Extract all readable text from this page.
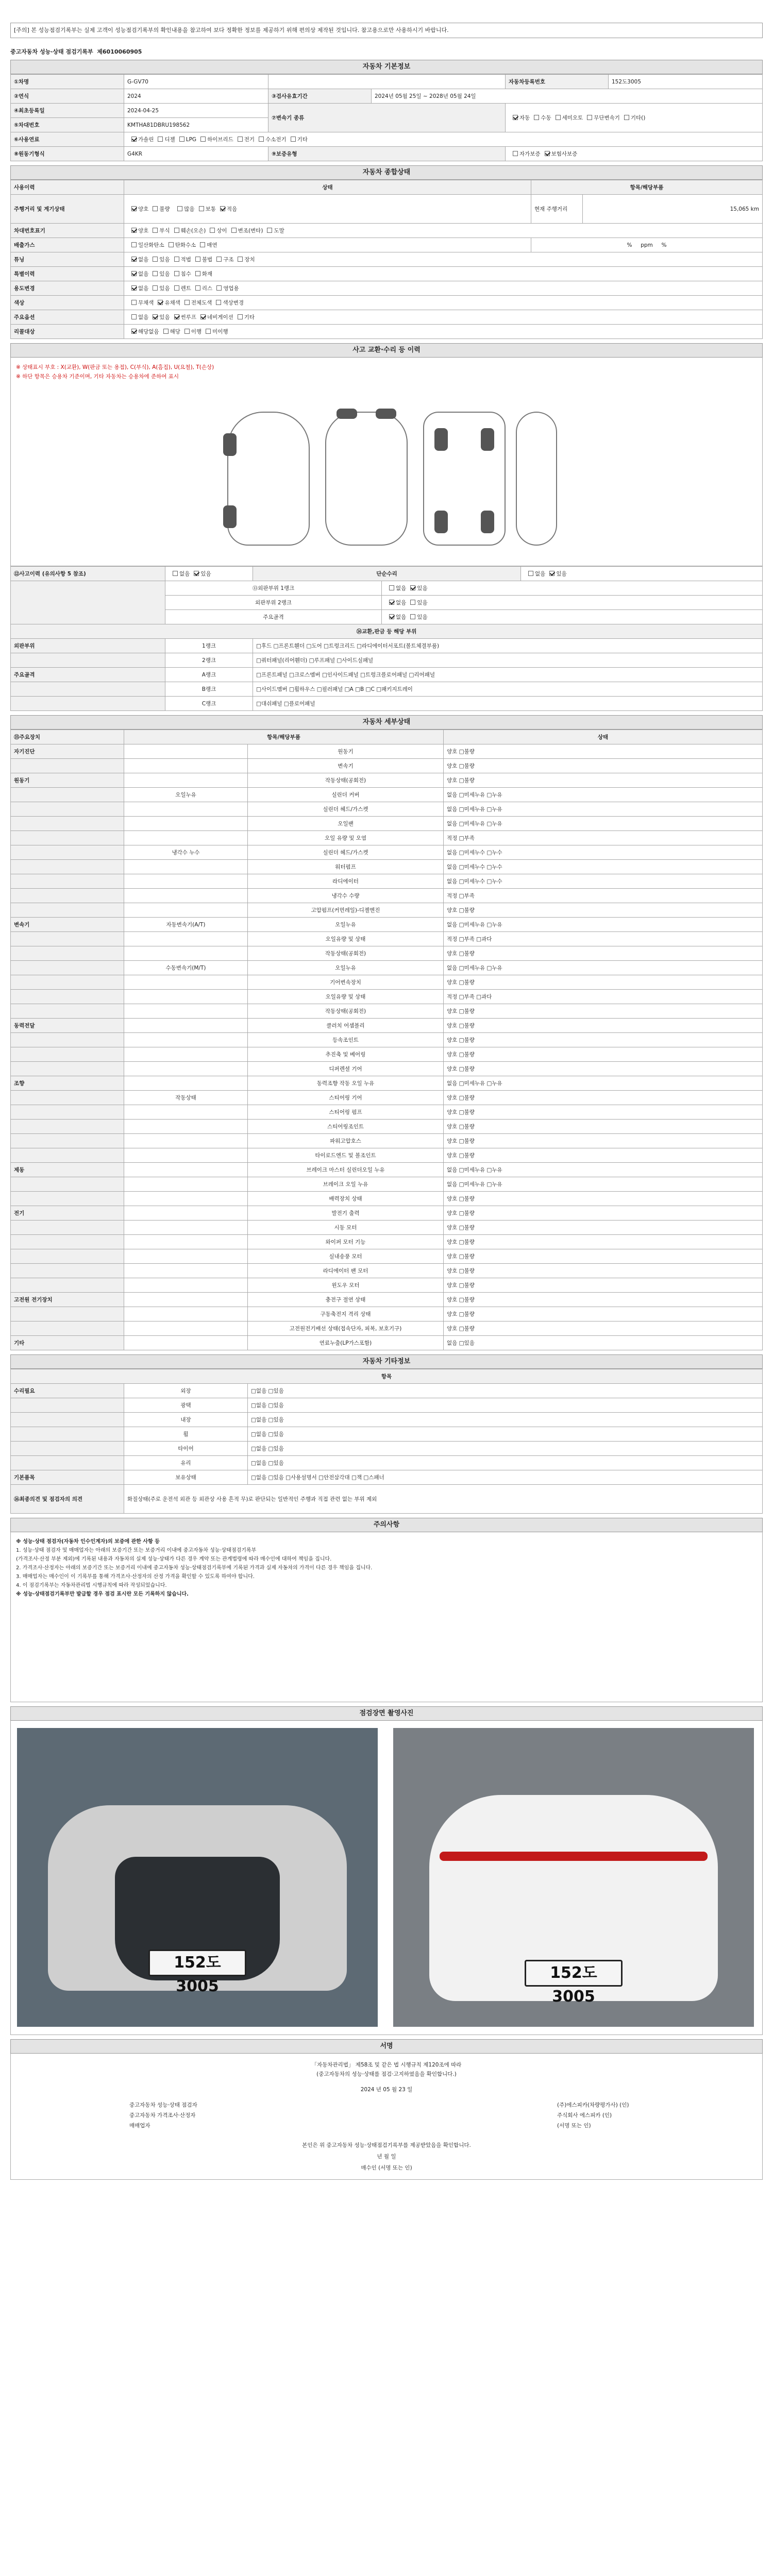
[주의] 본 성능점검기록부는 실제 고객이 성능점검기록부의 확인내용을 참고하여 보다 정확한 정보를 제공하기 위해 편의상 제작된 것입니다. 참고용으로만 사용하시기 바랍니다.
중고자동차 성능·상태 점검기록부 제6010060905
자동차 기본정보
①차명	G-GV70			자동차등록번호	152도3005
②연식	2024	③검사유효기간	2024년 05월 25일 ~ 2028년 05월 24일		
④최초등록일	2024-04-25	⑦변속기 종류		자동 수동 세미오토 무단변속기 기타()	
⑤차대번호	KMTHA81DBRU198562				
⑥사용연료	가솔린 디젤 LPG 하이브리드 전기 수소전기 기타				
⑧원동기형식	G4KR	⑨보증유형		자가보증 보험사보증	
자동차 종합상태
사용이력	상태	항목/해당부품	
주행거리 및 계기상태	양호 불량 많음 보통 적음	현재 주행거리	15,065 km
차대번호표기	양호 부식 훼손(오손) 상이 변조(변타) 도말		
배출가스	일산화탄소 탄화수소 매연	% ppm %	
튜닝	없음 있음 적법 불법 구조 장치		
특별이력	없음 있음 침수 화재		
용도변경	없음 있음 렌트 리스 영업용		
색상	무채색 유채색 전체도색 색상변경		
주요옵션	없음 있음 썬루프 네비게이션 기타		
리콜대상	해당없음 해당 이행 미이행		
사고 교환·수리 등 이력
※ 상태표시 부호 : X(교환), W(판금 또는 용접), C(부식), A(흠집), U(요철), T(손상)
※ 하단 항목은 승용차 기준이며, 기타 자동차는 승용차에 준하여 표시
⑫사고이력 (유의사항 5 참조)	없음 있음	단순수리		없음 있음
	⑬외판부위 1랭크		없음 있음	
	외판부위 2랭크		없음 있음	
	주요골격		없음 있음	
⑭교환,판금 등 해당 부위				
외판부위	1랭크	□후드 □프론트휀더 □도어 □트렁크리드 □라디에이터서포트(볼트체결부품)		
	2랭크	□쿼터패널(리어휀더) □루프패널 □사이드실패널		
주요골격	A랭크	□프론트패널 □크로스멤버 □인사이드패널 □트렁크플로어패널 □리어패널		
	B랭크	□사이드멤버 □휠하우스 □필러패널 □A □B □C □패키지트레이		
	C랭크	□대쉬패널 □플로어패널		
자동차 세부상태
⑮주요장치	항목/해당부품		상태
자기진단		원동기	양호 □불량
		변속기	양호 □불량
원동기		작동상태(공회전)	양호 □불량
	오일누유	실린더 커버	없음 □미세누유 □누유
		실린더 헤드/가스켓	없음 □미세누유 □누유
		오일팬	없음 □미세누유 □누유
		오일 유량 및 오염	적정 □부족
	냉각수 누수	실린더 헤드/가스켓	없음 □미세누수 □누수
		워터펌프	없음 □미세누수 □누수
		라디에이터	없음 □미세누수 □누수
		냉각수 수량	적정 □부족
		고압펌프(커먼레일)-디젤엔진	양호 □불량
변속기	자동변속기(A/T)	오일누유	없음 □미세누유 □누유
		오일유량 및 상태	적정 □부족 □과다
		작동상태(공회전)	양호 □불량
	수동변속기(M/T)	오일누유	없음 □미세누유 □누유
		기어변속장치	양호 □불량
		오일유량 및 상태	적정 □부족 □과다
		작동상태(공회전)	양호 □불량
동력전달		클러치 어셈블리	양호 □불량
		등속조인트	양호 □불량
		추진축 및 베어링	양호 □불량
		디퍼렌셜 기어	양호 □불량
조향		동력조향 작동 오일 누유	없음 □미세누유 □누유
	작동상태	스티어링 기어	양호 □불량
		스티어링 펌프	양호 □불량
		스티어링조인트	양호 □불량
		파워고압호스	양호 □불량
		타이로드엔드 및 볼조인트	양호 □불량
제동		브레이크 마스터 실린더오일 누유	없음 □미세누유 □누유
		브레이크 오일 누유	없음 □미세누유 □누유
		배력장치 상태	양호 □불량
전기		발전기 출력	양호 □불량
		시동 모터	양호 □불량
		와이퍼 모터 기능	양호 □불량
		실내송풍 모터	양호 □불량
		라디에이터 팬 모터	양호 □불량
		윈도우 모터	양호 □불량
고전원 전기장치		충전구 절연 상태	양호 □불량
		구동축전지 격리 상태	양호 □불량
		고전원전기배선 상태(접속단자, 피복, 보호기구)	양호 □불량
기타		연료누출(LP가스포함)	없음 □있음
자동차 기타정보
항목		
수리필요	외장	□없음 □있음
	광택	□없음 □있음
	내장	□없음 □있음
	휠	□없음 □있음
	타이어	□없음 □있음
	유리	□없음 □있음
기본품목	보유상태	□없음 □있음 □사용설명서 □안전삼각대 □잭 □스패너
⑯최종의견 및 점검자의 의견	화질상태(주로 운전석 외관 등 외관상 사용 흔적 무)로 판단되는 일반적인 주행과 직접 관련 없는 부위 제외	
주의사항
※ 성능·상태 점검자(자동차 인수인계자)의 보증에 관한 사항 등
1. 성능·상태 점검자 및 매매업자는 아래의 보증기간 또는 보증거리 이내에 중고자동차 성능·상태점검기록부
(가격조사·산정 부분 제외)에 기록된 내용과 자동차의 실제 성능·상태가 다른 경우 계약 또는 관계법령에 따라 매수인에 대하여 책임을 집니다.
2. 가격조사·산정자는 아래의 보증기간 또는 보증거리 이내에 중고자동차 성능·상태점검기록부에 기록된 가격과 실제 자동차의 가격이 다른 경우 책임을 집니다.
3. 매매업자는 매수인이 이 기록부를 통해 가격조사·산정자의 산정 가격을 확인할 수 있도록 하여야 합니다.
4. 이 점검기록부는 자동차관리법 시행규칙에 따라 작성되었습니다.
※ 성능·상태점검기록부만 발급할 경우 점검 표시란 모든 기록하지 않습니다.
점검장면 촬영사진
152도 3005
152도 3005
서명
「자동차관리법」 제58조 및 같은 법 시행규칙 제120조에 따라
(중고자동차의 성능·상태를 점검·고지하였음을 확인합니다.)
2024 년 05 월 23 일
중고자동차 성능·상태 점검자	(주)에스피카(차량평가사) (인)
중고자동차 가격조사·산정자	주식회사 에스피카 (인)
매매업자	(서명 또는 인)
본인은 위 중고자동차 성능·상태점검기록부를 제공받았음을 확인합니다.
년 월 일
매수인 (서명 또는 인)
